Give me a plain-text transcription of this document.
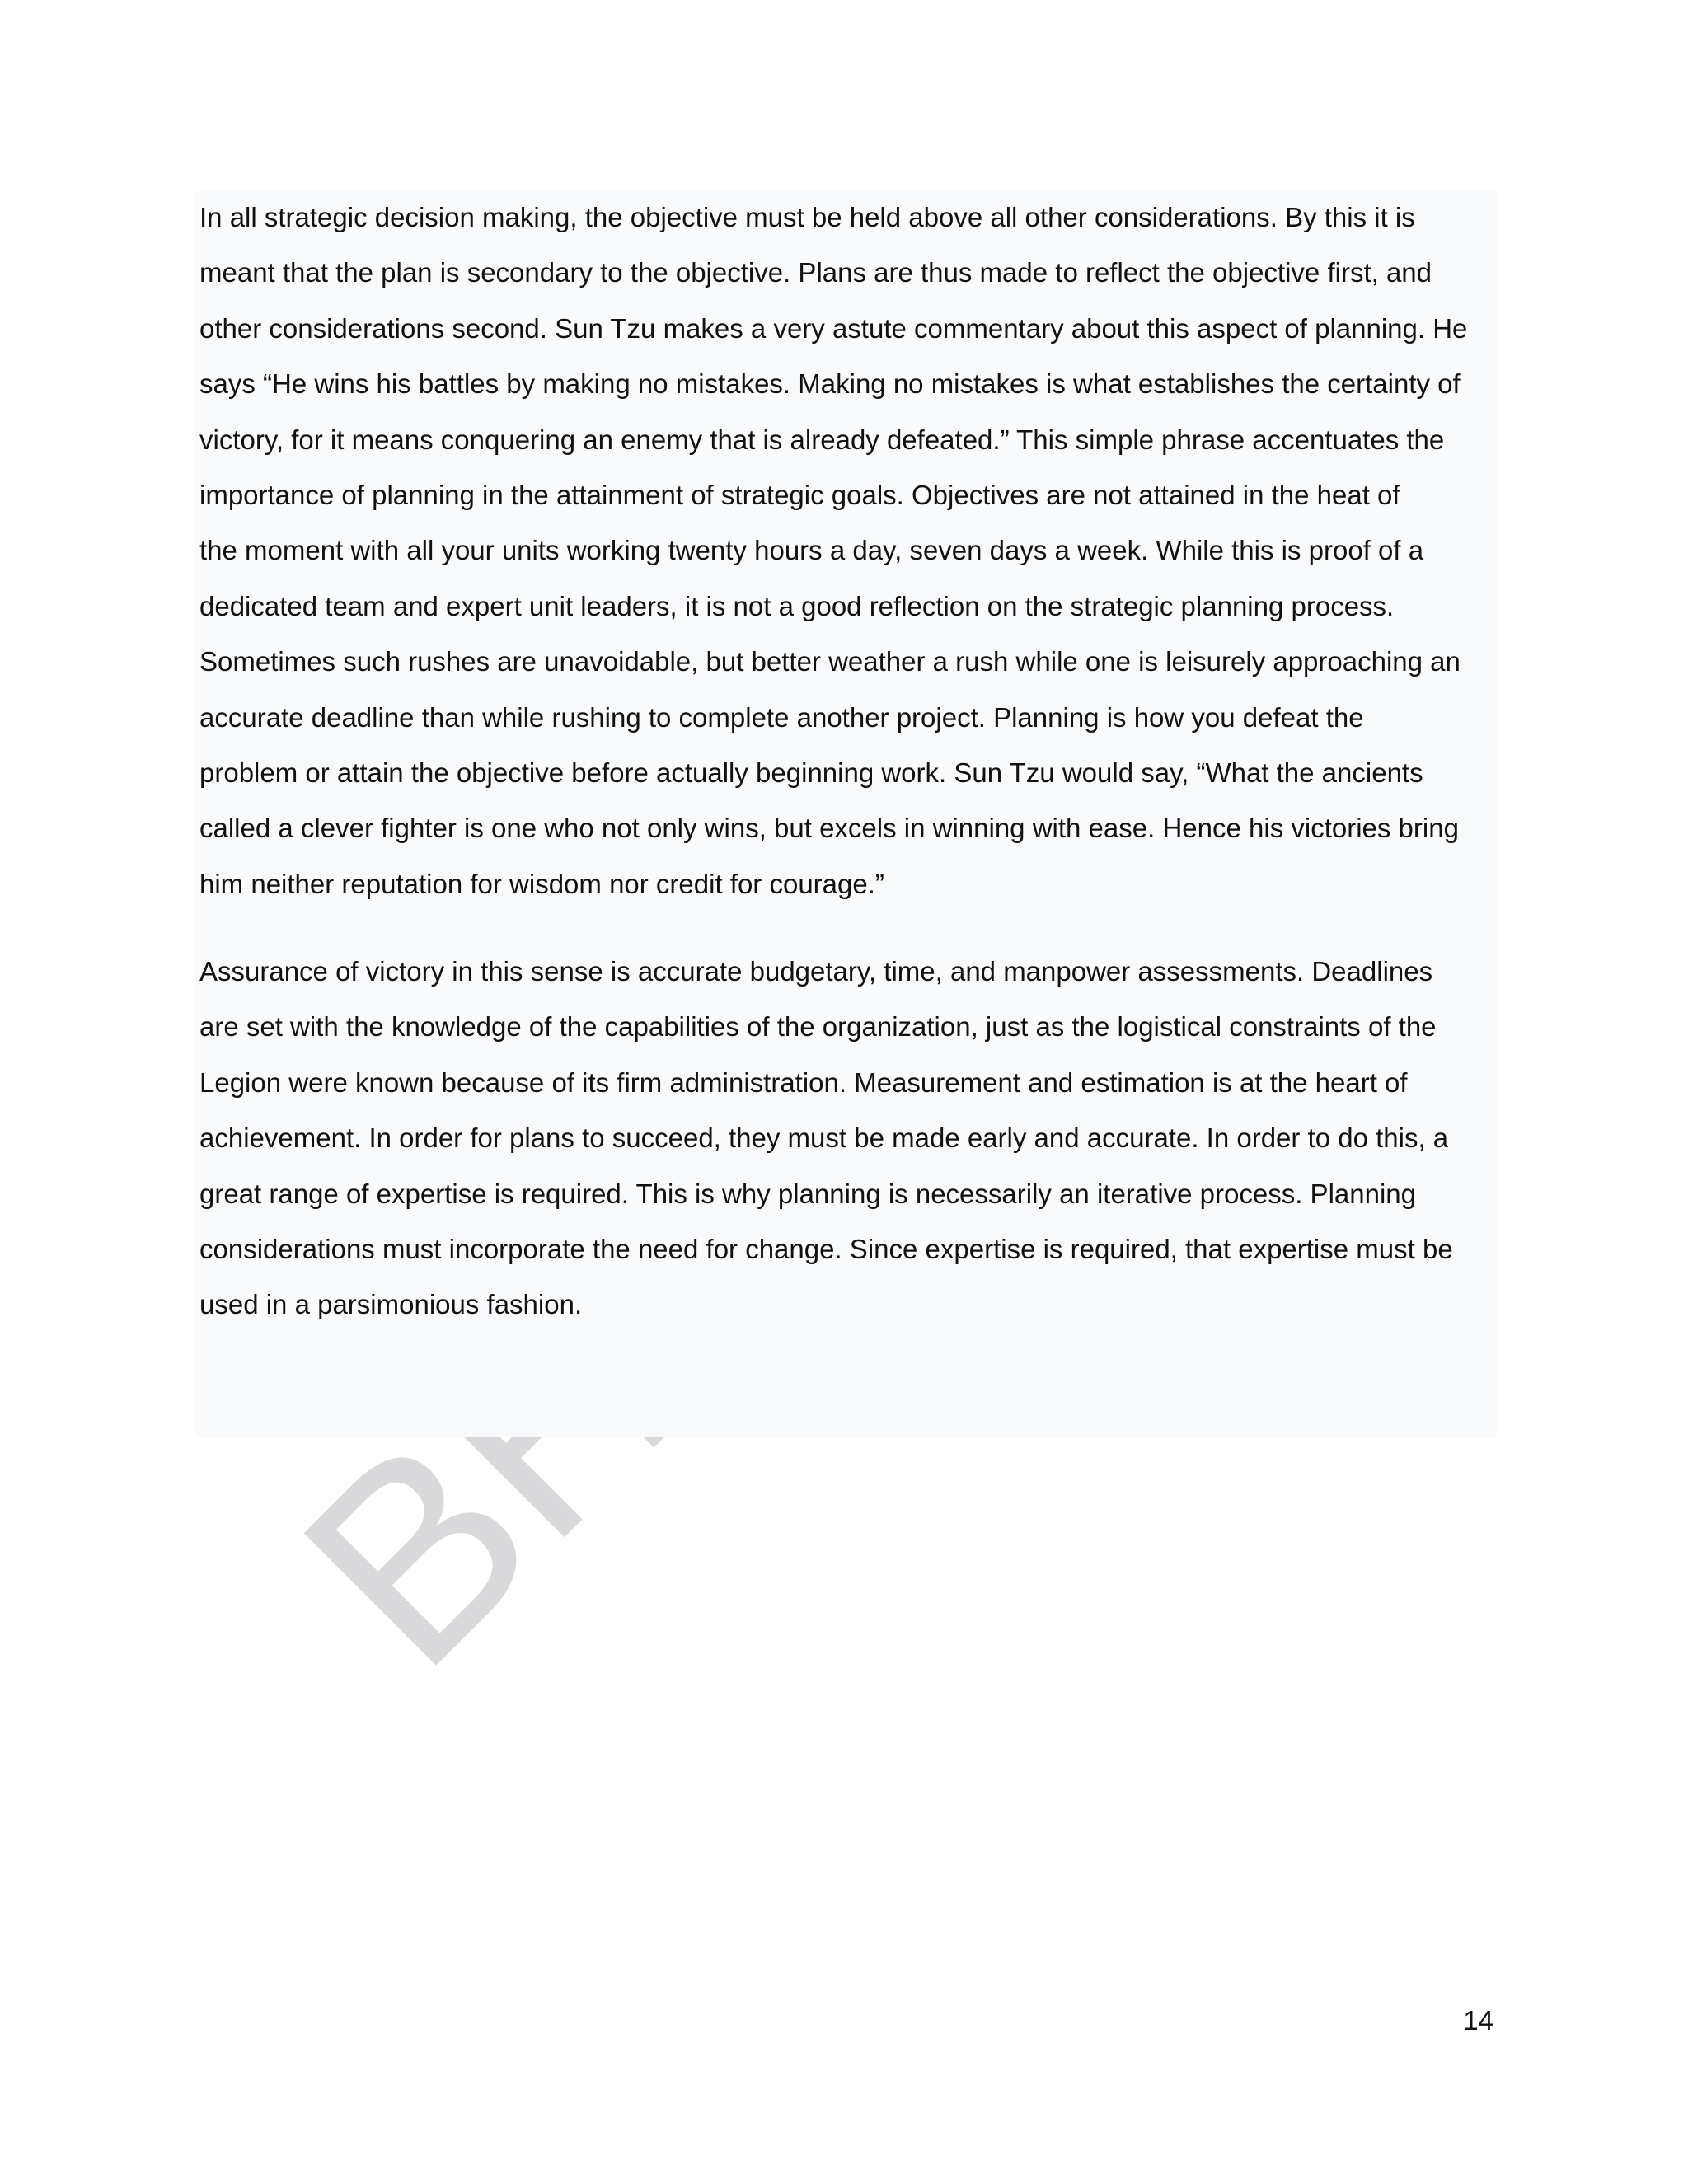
In all strategic decision making, the objective must be held above all other considerations. By this it is
meant that the plan is secondary to the objective. Plans are thus made to reflect the objective first, and
other considerations second. Sun Tzu makes a very astute commentary about this aspect of planning. He
says “He wins his battles by making no mistakes. Making no mistakes is what establishes the certainty of
victory, for it means conquering an enemy that is already defeated.” This simple phrase accentuates the
importance of planning in the attainment of strategic goals. Objectives are not attained in the heat of
the moment with all your units working twenty hours a day, seven days a week. While this is proof of a
dedicated team and expert unit leaders, it is not a good reflection on the strategic planning process.
Sometimes such rushes are unavoidable, but better weather a rush while one is leisurely approaching an
accurate deadline than while rushing to complete another project. Planning is how you defeat the
problem or attain the objective before actually beginning work. Sun Tzu would say, “What the ancients
called a clever fighter is one who not only wins, but excels in winning with ease. Hence his victories bring
him neither reputation for wisdom nor credit for courage.”
Assurance of victory in this sense is accurate budgetary, time, and manpower assessments. Deadlines
are set with the knowledge of the capabilities of the organization, just as the logistical constraints of the
Legion were known because of its firm administration. Measurement and estimation is at the heart of
achievement. In order for plans to succeed, they must be made early and accurate. In order to do this, a
great range of expertise is required. This is why planning is necessarily an iterative process. Planning
considerations must incorporate the need for change. Since expertise is required, that expertise must be
used in a parsimonious fashion.
14
